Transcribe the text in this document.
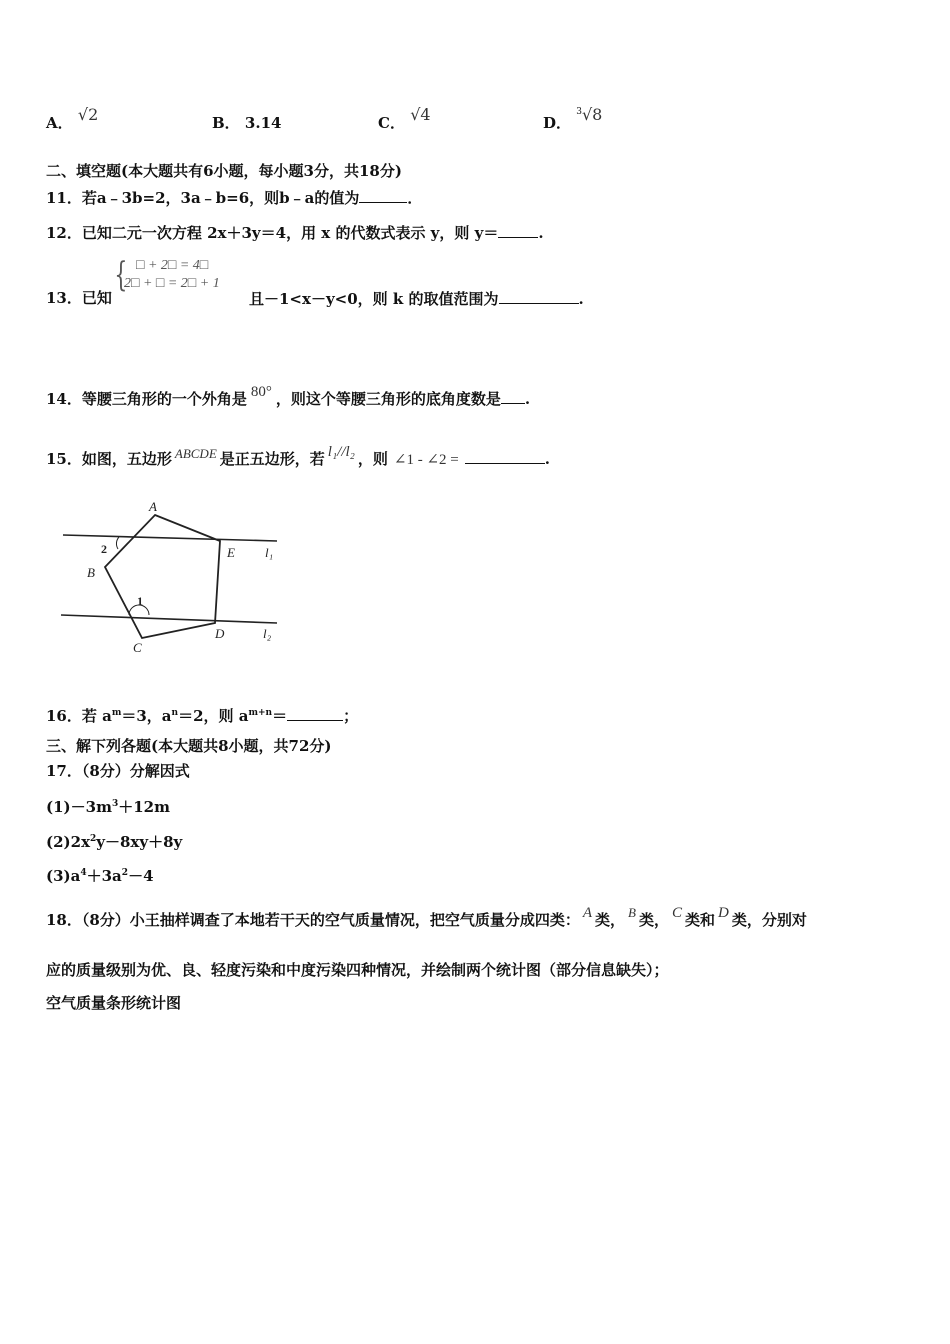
A． √2	B． 3.14	C． √4	D． $^3$√8
二、填空题(本大题共有6小题，每小题3分，共18分)
11．若a﹣3b=2，3a﹣b=6，则b﹣a的值为	．
12．已知二元一次方程 2x＋3y＝4，用 x 的代数式表示 y，则 y＝	.
13．已知
{ □ + 2□ = 4□
2□ + □ = 2□ + 1
且－1<x－y<0，则 k 的取值范围为	.
14．等腰三角形的一个外角是 80° ，则这个等腰三角形的底角度数是 .
15．如图，五边形 ABCDE 是正五边形，若 l₁//l₂ ，则 ∠1 - ∠2 =	.
A
B
C
D
E l₁
l₂
2
1
16．若 $a^m=3$，$a^n=2$，则 $a^{m+n}=$	；
三、解下列各题(本大题共8小题，共72分)
17．（8分）分解因式
$(1)-3m^3+12m$
$(2)2x^2y-8xy+8y$
$(3)a^4+3a^2-4$
18．（8分）小王抽样调查了本地若干天的空气质量情况，把空气质量分成四类： A 类， B 类， C 类和 D 类，分别对
应的质量级别为优、良、轻度污染和中度污染四种情况，并绘制两个统计图（部分信息缺失）；
空气质量条形统计图
